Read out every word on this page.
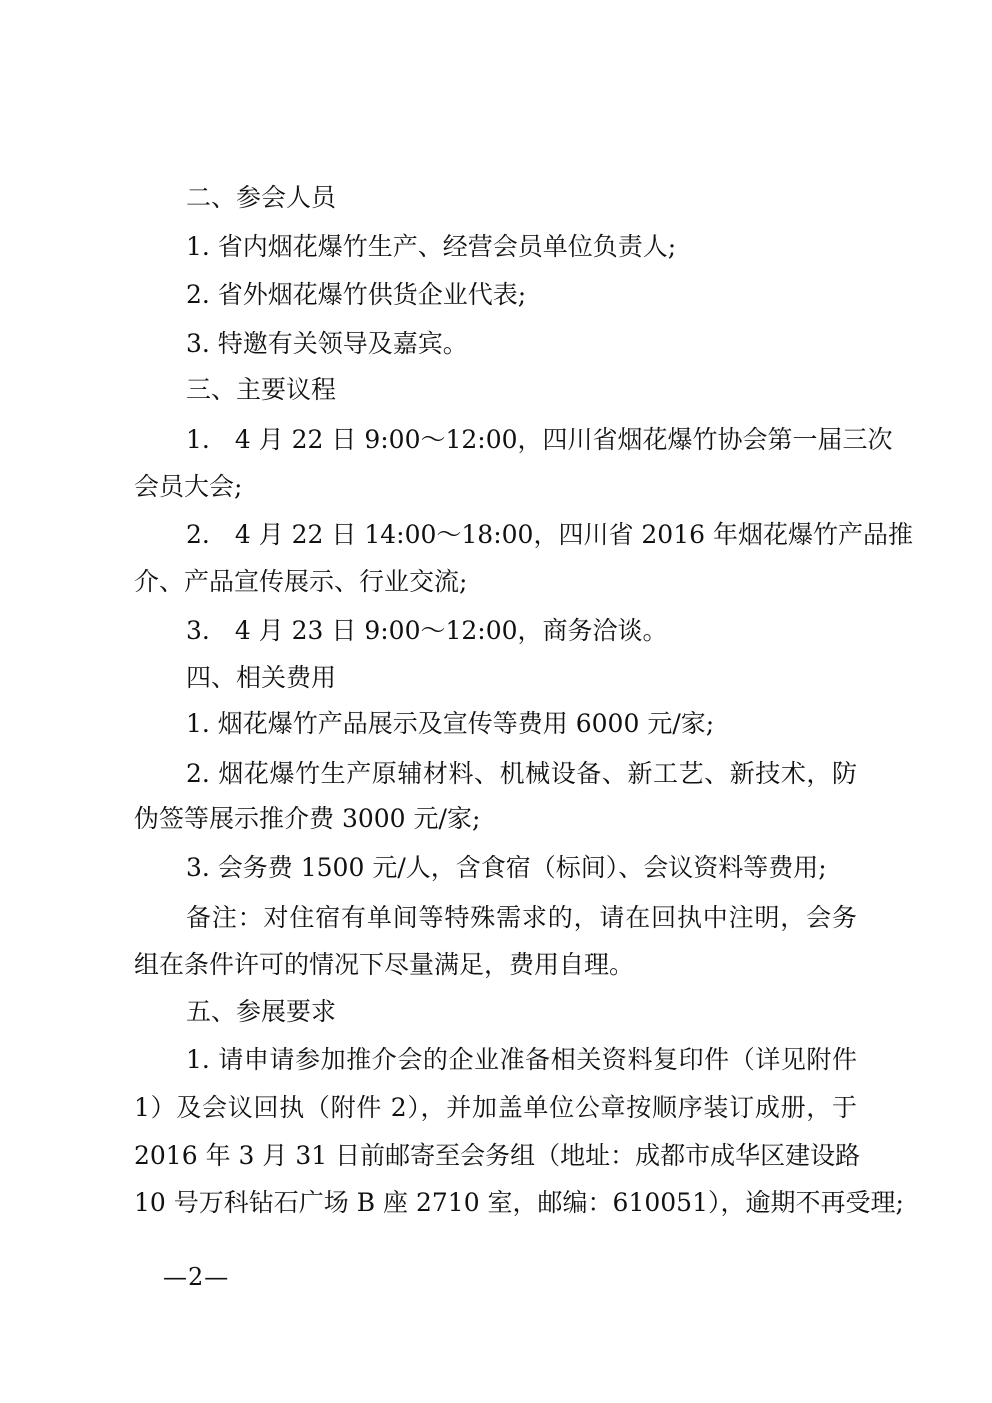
二、参会人员
1. 省内烟花爆竹生产、经营会员单位负责人;
2. 省外烟花爆竹供货企业代表;
3. 特邀有关领导及嘉宾。
三、主要议程
1.　4 月 22 日 9:00～12:00，四川省烟花爆竹协会第一届三次
会员大会;
2.　4 月 22 日 14:00～18:00，四川省 2016 年烟花爆竹产品推
介、产品宣传展示、行业交流;
3.　4 月 23 日 9:00～12:00，商务洽谈。
四、相关费用
1. 烟花爆竹产品展示及宣传等费用 6000 元/家;
2. 烟花爆竹生产原辅材料、机械设备、新工艺、新技术，防
伪签等展示推介费 3000 元/家;
3. 会务费 1500 元/人，含食宿（标间）、会议资料等费用;
备注：对住宿有单间等特殊需求的，请在回执中注明，会务
组在条件许可的情况下尽量满足，费用自理。
五、参展要求
1. 请申请参加推介会的企业准备相关资料复印件（详见附件
1）及会议回执（附件 2），并加盖单位公章按顺序装订成册，于
2016 年 3 月 31 日前邮寄至会务组（地址：成都市成华区建设路
10 号万科钻石广场 B 座 2710 室，邮编：610051），逾期不再受理;
—2—
